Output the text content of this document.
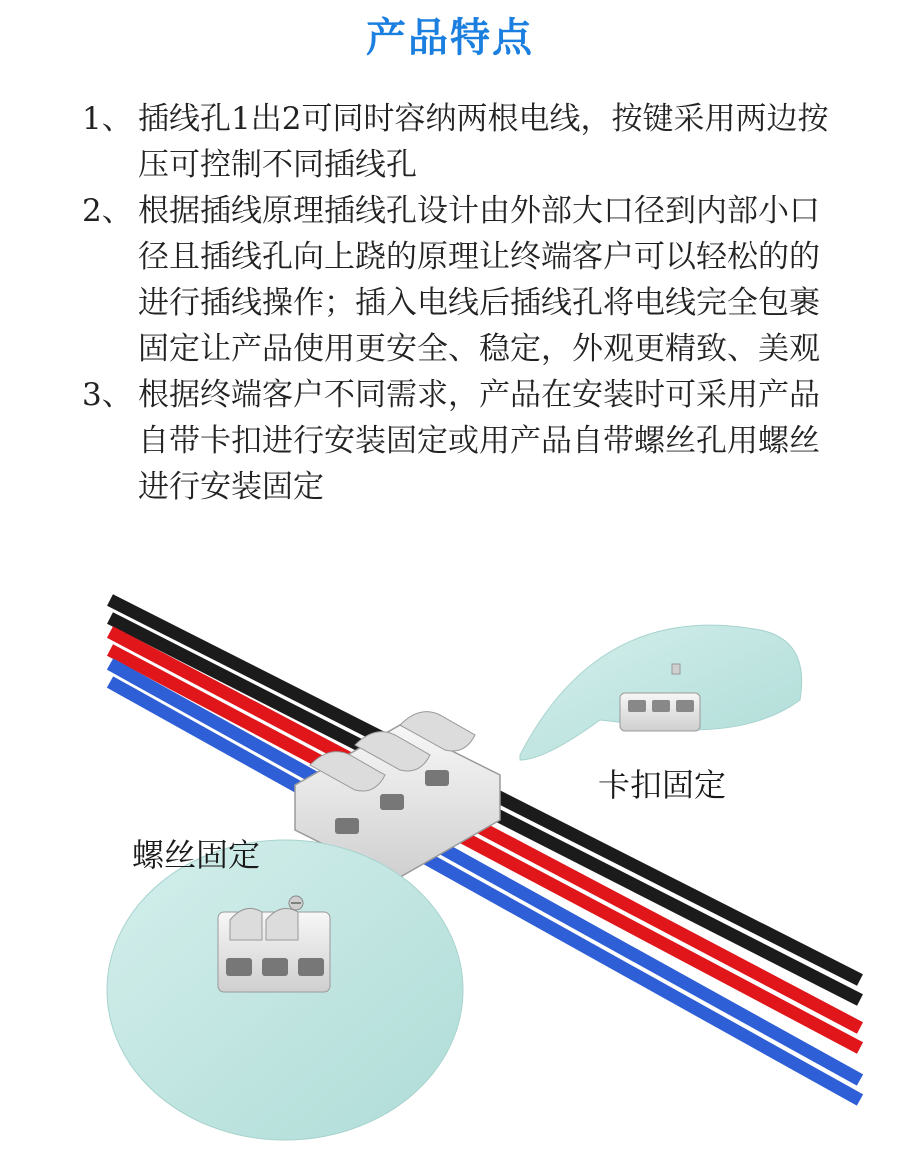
产品特点
1、 插线孔1出2可同时容纳两根电线，按键采用两边按压可控制不同插线孔
2、 根据插线原理插线孔设计由外部大口径到内部小口径且插线孔向上跷的原理让终端客户可以轻松的的进行插线操作；插入电线后插线孔将电线完全包裹固定让产品使用更安全、稳定，外观更精致、美观
3、 根据终端客户不同需求，产品在安装时可采用产品自带卡扣进行安装固定或用产品自带螺丝孔用螺丝进行安装固定
卡扣固定
螺丝固定
